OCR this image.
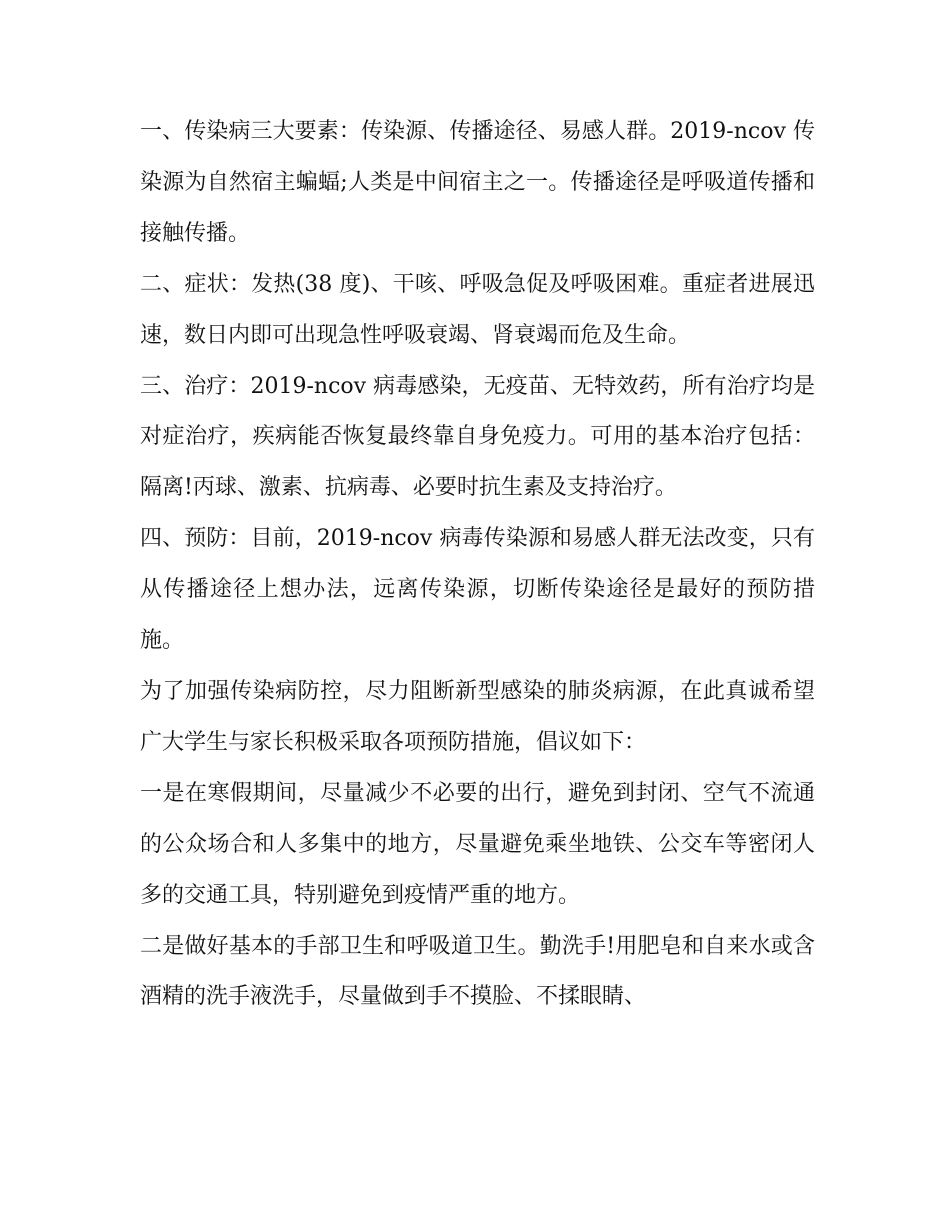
一、传染病三大要素：传染源、传播途径、易感人群。2019-ncov 传染源为自然宿主蝙蝠;人类是中间宿主之一。传播途径是呼吸道传播和接触传播。

二、症状：发热(38 度)、干咳、呼吸急促及呼吸困难。重症者进展迅速，数日内即可出现急性呼吸衰竭、肾衰竭而危及生命。

三、治疗：2019-ncov 病毒感染，无疫苗、无特效药，所有治疗均是对症治疗，疾病能否恢复最终靠自身免疫力。可用的基本治疗包括：隔离!丙球、激素、抗病毒、必要时抗生素及支持治疗。

四、预防：目前，2019-ncov 病毒传染源和易感人群无法改变，只有从传播途径上想办法，远离传染源，切断传染途径是最好的预防措施。

为了加强传染病防控，尽力阻断新型感染的肺炎病源，在此真诚希望广大学生与家长积极采取各项预防措施，倡议如下：

一是在寒假期间，尽量减少不必要的出行，避免到封闭、空气不流通的公众场合和人多集中的地方，尽量避免乘坐地铁、公交车等密闭人多的交通工具，特别避免到疫情严重的地方。

二是做好基本的手部卫生和呼吸道卫生。勤洗手!用肥皂和自来水或含酒精的洗手液洗手，尽量做到手不摸脸、不揉眼睛、
